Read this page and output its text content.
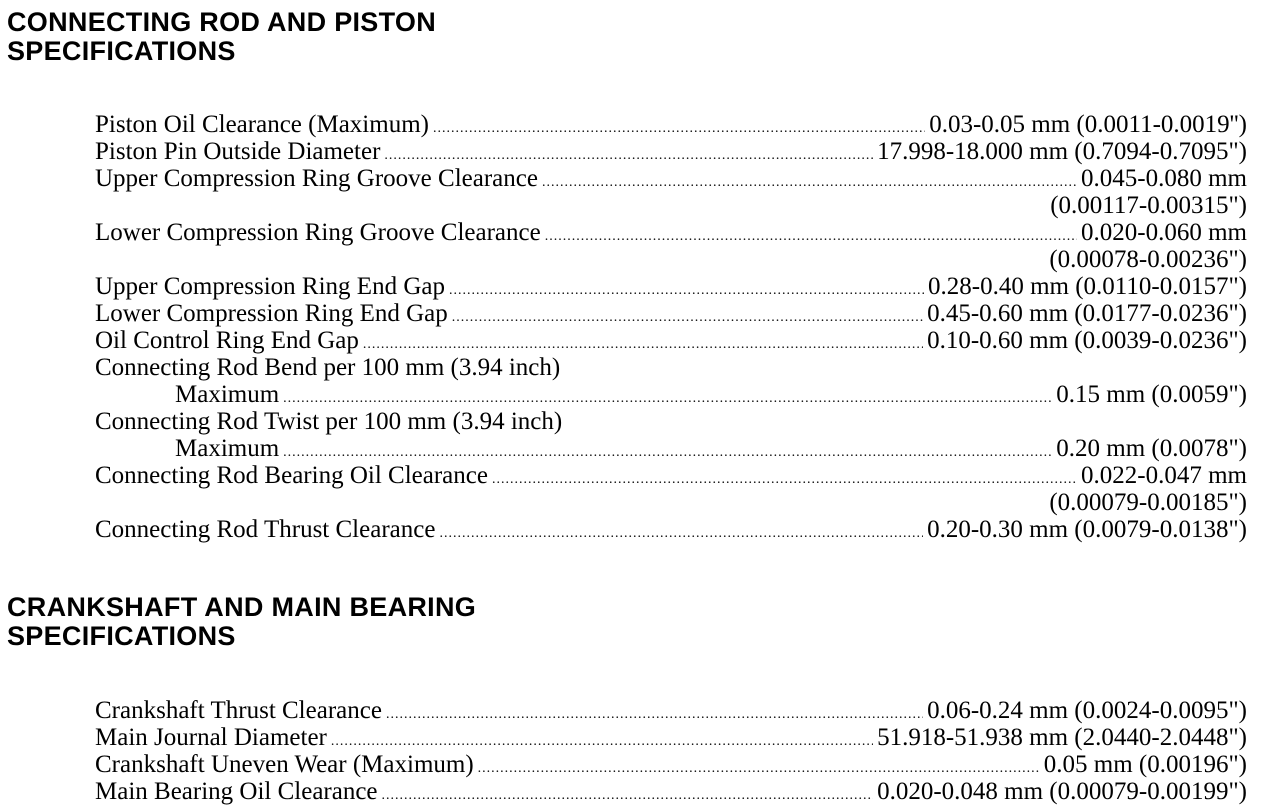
CONNECTING ROD AND PISTON
SPECIFICATIONS
Piston Oil Clearance (Maximum) .....	0.03-0.05 mm (0.0011-0.0019'')
Piston Pin Outside Diameter .....	17.998-18.000 mm (0.7094-0.7095")
Upper Compression Ring Groove Clearance .....	0.045-0.080 mm
(0.00117-0.00315")
Lower Compression Ring Groove Clearance .....	0.020-0.060 mm
(0.00078-0.00236")
Upper Compression Ring End Gap .....	0.28-0.40 mm (0.0110-0.0157")
Lower Compression Ring End Gap .....	0.45-0.60 mm (0.0177-0.0236")
Oil Control Ring End Gap .....	0.10-0.60 mm (0.0039-0.0236")
Connecting Rod Bend per 100 mm (3.94 inch)
Maximum .....	0.15 mm (0.0059")
Connecting Rod Twist per 100 mm (3.94 inch)
Maximum .....	0.20 mm (0.0078")
Connecting Rod Bearing Oil Clearance .....	0.022-0.047 mm
(0.00079-0.00185")
Connecting Rod Thrust Clearance .....	0.20-0.30 mm (0.0079-0.0138")
CRANKSHAFT AND MAIN BEARING
SPECIFICATIONS
Crankshaft Thrust Clearance .....	0.06-0.24 mm (0.0024-0.0095")
Main Journal Diameter .....	51.918-51.938 mm (2.0440-2.0448")
Crankshaft Uneven Wear (Maximum) .....	0.05 mm (0.00196")
Main Bearing Oil Clearance .....	0.020-0.048 mm (0.00079-0.00199")
